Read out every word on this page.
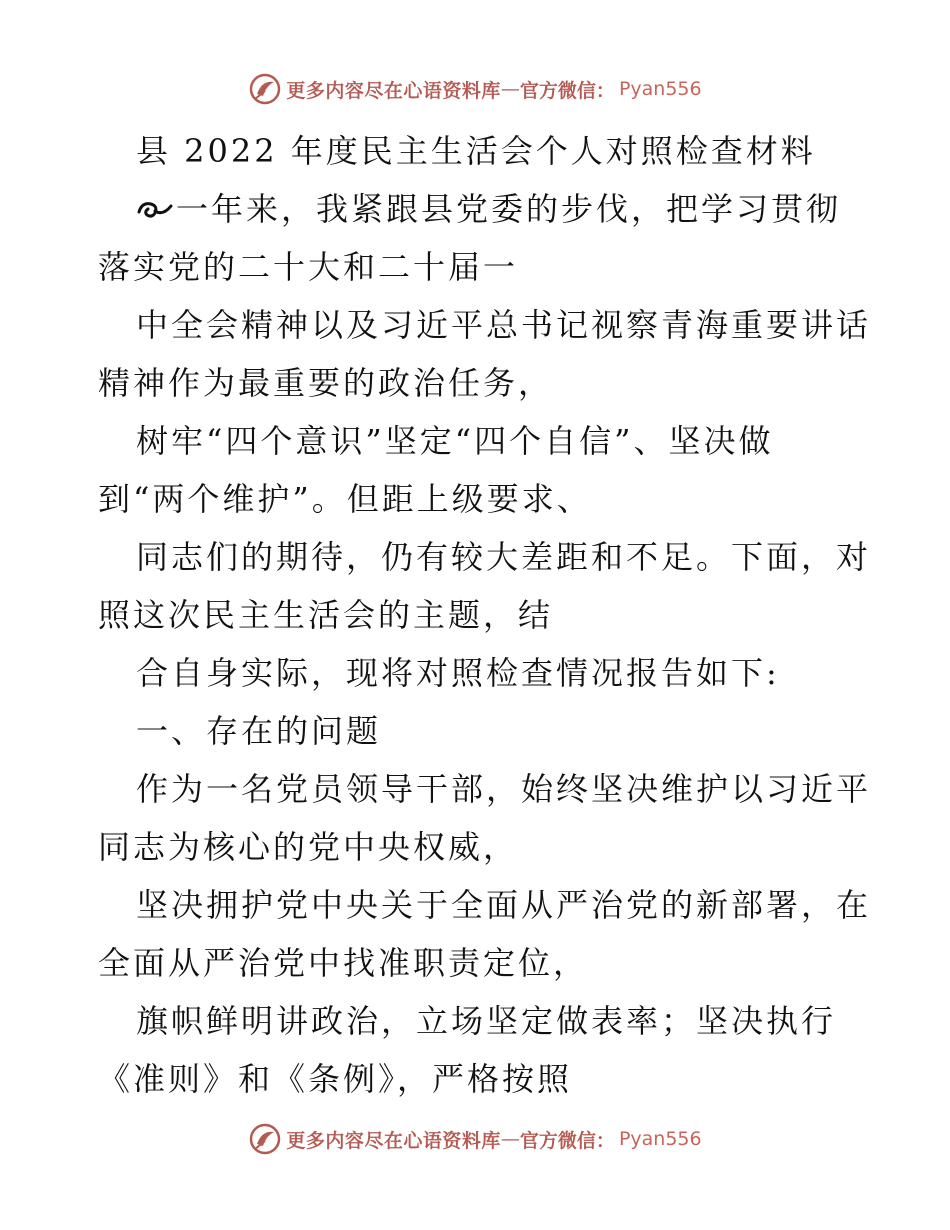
更多内容尽在心语资料库 — 官方微信： Pyan556
县 2022 年度民主生活会个人对照检查材料
一年来，我紧跟县党委的步伐，把学习贯彻
落实党的二十大和二十届一
中全会精神以及习近平总书记视察青海重要讲话
精神作为最重要的政治任务，
树牢“四个意识”坚定“四个自信”、坚决做
到“两个维护”。但距上级要求、
同志们的期待，仍有较大差距和不足。下面，对
照这次民主生活会的主题，结
合自身实际，现将对照检查情况报告如下:
一、存在的问题
作为一名党员领导干部，始终坚决维护以习近平
同志为核心的党中央权威，
坚决拥护党中央关于全面从严治党的新部署，在
全面从严治党中找准职责定位，
旗帜鲜明讲政治，立场坚定做表率；坚决执行
《准则》和《条例》，严格按照
更多内容尽在心语资料库 — 官方微信： Pyan556
